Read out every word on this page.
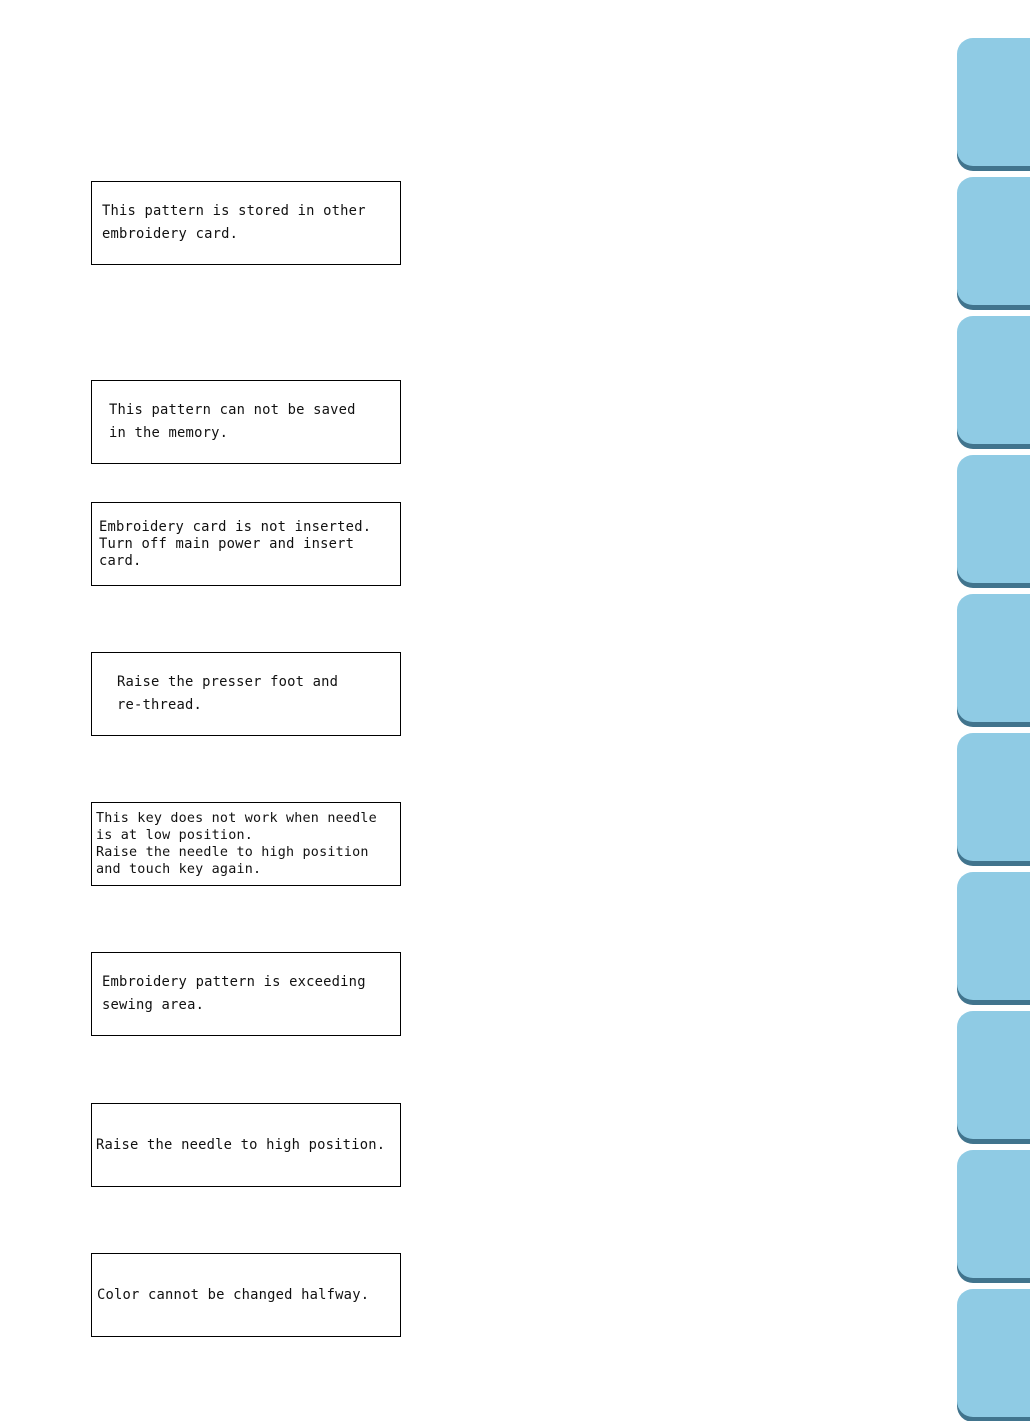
This pattern is stored in other
embroidery card.
This pattern can not be saved
in the memory.
Embroidery card is not inserted.
Turn off main power and insert
card.
Raise the presser foot and
re-thread.
This key does not work when needle
is at low position.
Raise the needle to high position
and touch key again.
Embroidery pattern is exceeding
sewing area.
Raise the needle to high position.
Color cannot be changed halfway.
